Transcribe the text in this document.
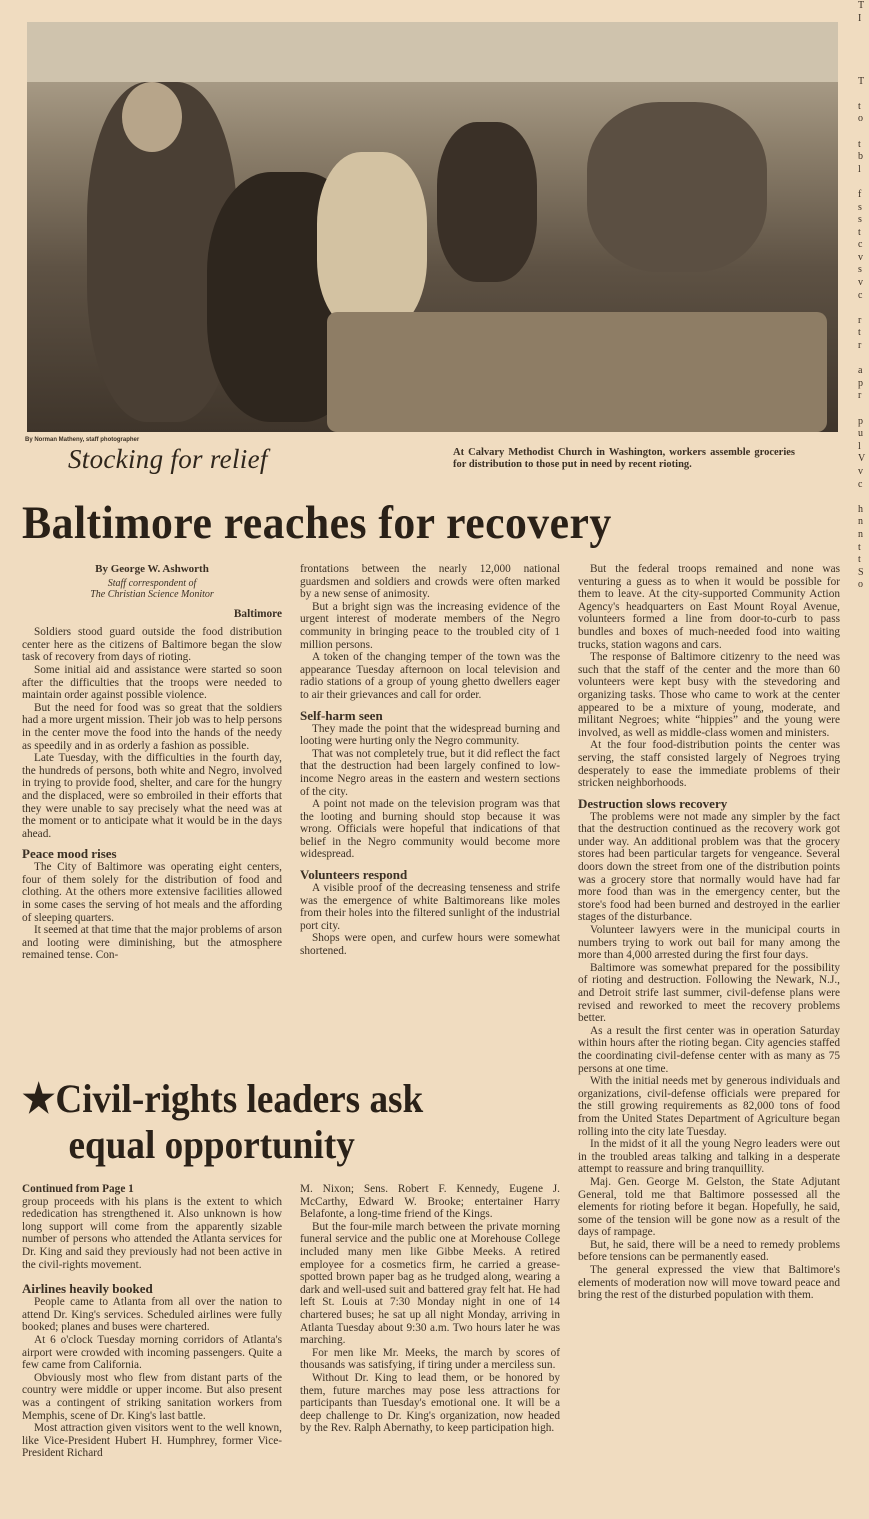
By Norman Matheny, staff photographer
Stocking for relief	At Calvary Methodist Church in Washington, workers assemble groceries for distribution to those put in need by recent rioting.
Baltimore reaches for recovery
By George W. Ashworth
Staff correspondent of
The Christian Science Monitor
Baltimore

Soldiers stood guard outside the food distribution center here as the citizens of Baltimore began the slow task of recovery from days of rioting.

Some initial aid and assistance were started so soon after the difficulties that the troops were needed to maintain order against possible violence.

But the need for food was so great that the soldiers had a more urgent mission. Their job was to help persons in the center move the food into the hands of the needy as speedily and in as orderly a fashion as possible.

Late Tuesday, with the difficulties in the fourth day, the hundreds of persons, both white and Negro, involved in trying to provide food, shelter, and care for the hungry and the displaced, were so embroiled in their efforts that they were unable to say precisely what the need was at the moment or to anticipate what it would be in the days ahead.

Peace mood rises

The City of Baltimore was operating eight centers, four of them solely for the distribution of food and clothing. At the others more extensive facilities allowed in some cases the serving of hot meals and the affording of sleeping quarters.

It seemed at that time that the major problems of arson and looting were diminishing, but the atmosphere remained tense. Con-

frontations between the nearly 12,000 national guardsmen and soldiers and crowds were often marked by a new sense of animosity.

But a bright sign was the increasing evidence of the urgent interest of moderate members of the Negro community in bringing peace to the troubled city of 1 million persons.

A token of the changing temper of the town was the appearance Tuesday afternoon on local television and radio stations of a group of young ghetto dwellers eager to air their grievances and call for order.

Self-harm seen

They made the point that the widespread burning and looting were hurting only the Negro community.

That was not completely true, but it did reflect the fact that the destruction had been largely confined to low-income Negro areas in the eastern and western sections of the city.

A point not made on the television program was that the looting and burning should stop because it was wrong. Officials were hopeful that indications of that belief in the Negro community would become more widespread.

Volunteers respond

A visible proof of the decreasing tenseness and strife was the emergence of white Baltimoreans like moles from their holes into the filtered sunlight of the industrial port city.

Shops were open, and curfew hours were somewhat shortened.

But the federal troops remained and none was venturing a guess as to when it would be possible for them to leave. At the city-supported Community Action Agency's headquarters on East Mount Royal Avenue, volunteers formed a line from door-to-curb to pass bundles and boxes of much-needed food into waiting trucks, station wagons and cars.

The response of Baltimore citizenry to the need was such that the staff of the center and the more than 60 volunteers were kept busy with the stevedoring and organizing tasks. Those who came to work at the center appeared to be a mixture of young, moderate, and militant Negroes; white “hippies” and the young were involved, as well as middle-class women and ministers.

At the four food-distribution points the center was serving, the staff consisted largely of Negroes trying desperately to ease the immediate problems of their stricken neighborhoods.

Destruction slows recovery

The problems were not made any simpler by the fact that the destruction continued as the recovery work got under way. An additional problem was that the grocery stores had been particular targets for vengeance. Several doors down the street from one of the distribution points was a grocery store that normally would have had far more food than was in the emergency center, but the store's food had been burned and destroyed in the earlier stages of the disturbance.

Volunteer lawyers were in the municipal courts in numbers trying to work out bail for many among the more than 4,000 arrested during the first four days.

Baltimore was somewhat prepared for the possibility of rioting and destruction. Following the Newark, N.J., and Detroit strife last summer, civil-defense plans were revised and reworked to meet the recovery problems better.

As a result the first center was in operation Saturday within hours after the rioting began. City agencies staffed the coordinating civil-defense center with as many as 75 persons at one time.

With the initial needs met by generous individuals and organizations, civil-defense officials were prepared for the still growing requirements as 82,000 tons of food from the United States Department of Agriculture began rolling into the city late Tuesday.

In the midst of it all the young Negro leaders were out in the troubled areas talking and talking in a desperate attempt to reassure and bring tranquillity.

Maj. Gen. George M. Gelston, the State Adjutant General, told me that Baltimore possessed all the elements for rioting before it began. Hopefully, he said, some of the tension will be gone now as a result of the days of rampage.

But, he said, there will be a need to remedy problems before tensions can be permanently eased.

The general expressed the view that Baltimore's elements of moderation now will move toward peace and bring the rest of the disturbed population with them.

★Civil-rights leaders ask
equal opportunity
Continued from Page 1

group proceeds with his plans is the extent to which rededication has strengthened it. Also unknown is how long support will come from the apparently sizable number of persons who attended the Atlanta services for Dr. King and said they previously had not been active in the civil-rights movement.

Airlines heavily booked

People came to Atlanta from all over the nation to attend Dr. King's services. Scheduled airlines were fully booked; planes and buses were chartered.

At 6 o'clock Tuesday morning corridors of Atlanta's airport were crowded with incoming passengers. Quite a few came from California.

Obviously most who flew from distant parts of the country were middle or upper income. But also present was a contingent of striking sanitation workers from Memphis, scene of Dr. King's last battle.

Most attraction given visitors went to the well known, like Vice-President Hubert H. Humphrey, former Vice-President Richard

M. Nixon; Sens. Robert F. Kennedy, Eugene J. McCarthy, Edward W. Brooke; entertainer Harry Belafonte, a long-time friend of the Kings.

But the four-mile march between the private morning funeral service and the public one at Morehouse College included many men like Gibbe Meeks. A retired employee for a cosmetics firm, he carried a grease-spotted brown paper bag as he trudged along, wearing a dark and well-used suit and battered gray felt hat. He had left St. Louis at 7:30 Monday night in one of 14 chartered buses; he sat up all night Monday, arriving in Atlanta Tuesday about 9:30 a.m. Two hours later he was marching.

For men like Mr. Meeks, the march by scores of thousands was satisfying, if tiring under a merciless sun.

Without Dr. King to lead them, or be honored by them, future marches may pose less attractions for participants than Tuesday's emotional one. It will be a deep challenge to Dr. King's organization, now headed by the Rev. Ralph Abernathy, to keep participation high.

T
I

T

t
o

t
b
l

f
s
s
t
c
v
s
v
c

r
t
r

a
p
r

p
u
l
V
v
c

h
n
n
t
t
S
o
